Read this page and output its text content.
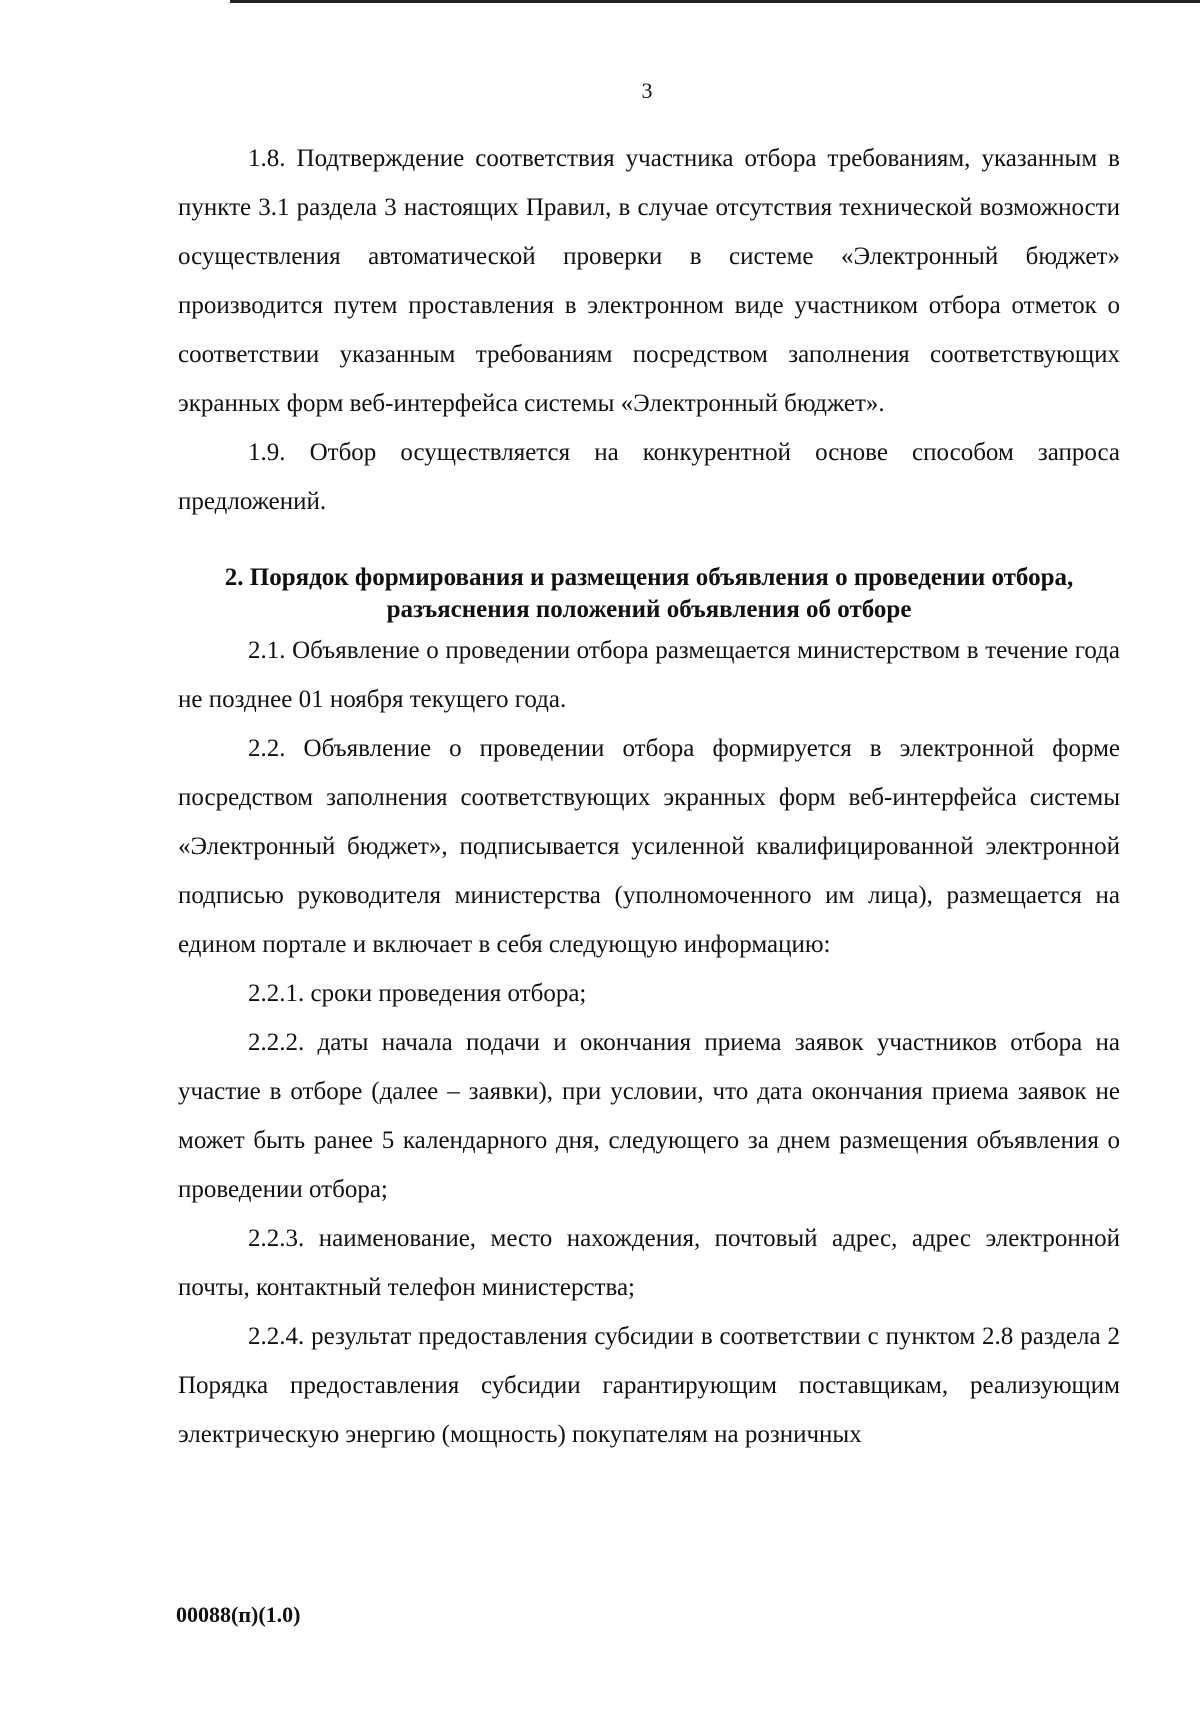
3

1.8. Подтверждение соответствия участника отбора требованиям, указанным в пункте 3.1 раздела 3 настоящих Правил, в случае отсутствия технической возможности осуществления автоматической проверки в системе «Электронный бюджет» производится путем проставления в электронном виде участником отбора отметок о соответствии указанным требованиям посредством заполнения соответствующих экранных форм веб-интерфейса системы «Электронный бюджет».

1.9. Отбор осуществляется на конкурентной основе способом запроса предложений.

2. Порядок формирования и размещения объявления о проведении отбора, разъяснения положений объявления об отборе

2.1. Объявление о проведении отбора размещается министерством в течение года не позднее 01 ноября текущего года.

2.2. Объявление о проведении отбора формируется в электронной форме посредством заполнения соответствующих экранных форм веб-интерфейса системы «Электронный бюджет», подписывается усиленной квалифицированной электронной подписью руководителя министерства (уполномоченного им лица), размещается на едином портале и включает в себя следующую информацию:

2.2.1. сроки проведения отбора;

2.2.2. даты начала подачи и окончания приема заявок участников отбора на участие в отборе (далее – заявки), при условии, что дата окончания приема заявок не может быть ранее 5 календарного дня, следующего за днем размещения объявления о проведении отбора;

2.2.3. наименование, место нахождения, почтовый адрес, адрес электронной почты, контактный телефон министерства;

2.2.4. результат предоставления субсидии в соответствии с пунктом 2.8 раздела 2 Порядка предоставления субсидии гарантирующим поставщикам, реализующим электрическую энергию (мощность) покупателям на розничных

00088(п)(1.0)
